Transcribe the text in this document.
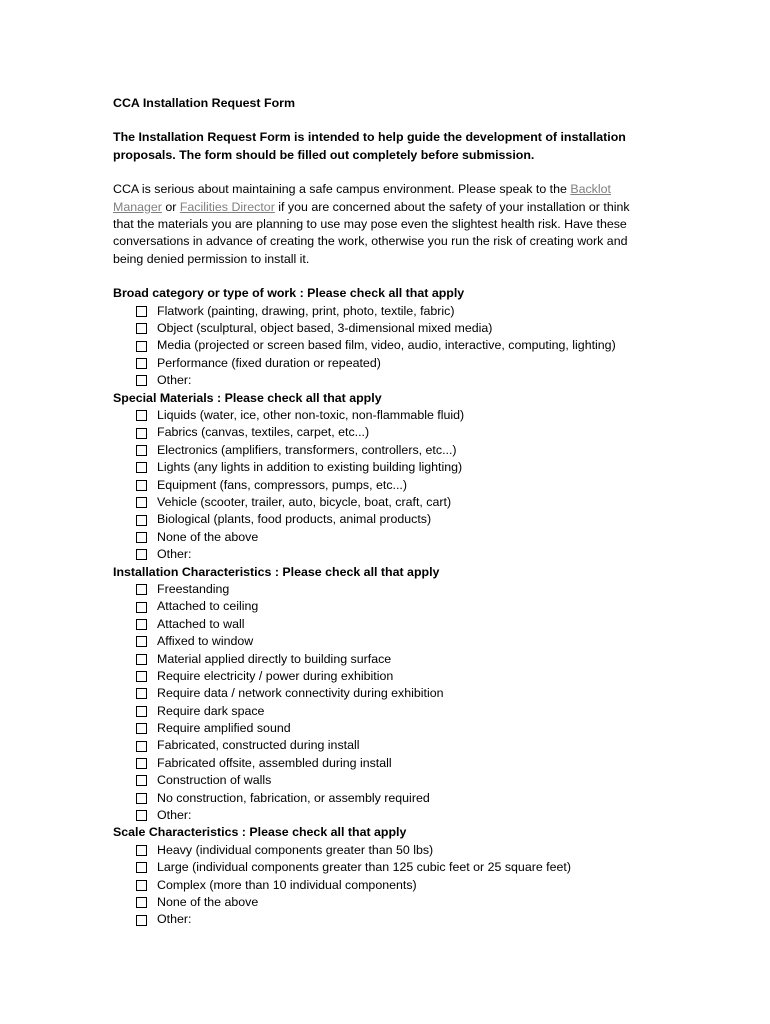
CCA Installation Request Form

The Installation Request Form is intended to help guide the development of installation proposals. The form should be filled out completely before submission.
CCA is serious about maintaining a safe campus environment. Please speak to the Backlot Manager or Facilities Director if you are concerned about the safety of your installation or think that the materials you are planning to use may pose even the slightest health risk. Have these conversations in advance of creating the work, otherwise you run the risk of creating work and being denied permission to install it.
Broad category or type of work : Please check all that apply
Flatwork (painting, drawing, print, photo, textile, fabric)
Object (sculptural, object based, 3-dimensional mixed media)
Media (projected or screen based film, video, audio, interactive, computing, lighting)
Performance (fixed duration or repeated)
Other:
Special Materials : Please check all that apply
Liquids (water, ice, other non-toxic, non-flammable fluid)
Fabrics (canvas, textiles, carpet, etc...)
Electronics (amplifiers, transformers, controllers, etc...)
Lights (any lights in addition to existing building lighting)
Equipment (fans, compressors, pumps, etc...)
Vehicle (scooter, trailer, auto, bicycle, boat, craft, cart)
Biological (plants, food products, animal products)
None of the above
Other:
Installation Characteristics : Please check all that apply
Freestanding
Attached to ceiling
Attached to wall
Affixed to window
Material applied directly to building surface
Require electricity / power during exhibition
Require data / network connectivity during exhibition
Require dark space
Require amplified sound
Fabricated, constructed during install
Fabricated offsite, assembled during install
Construction of walls
No construction, fabrication, or assembly required
Other:
Scale Characteristics : Please check all that apply
Heavy (individual components greater than 50 lbs)
Large (individual components greater than 125 cubic feet or 25 square feet)
Complex (more than 10 individual components)
None of the above
Other:
